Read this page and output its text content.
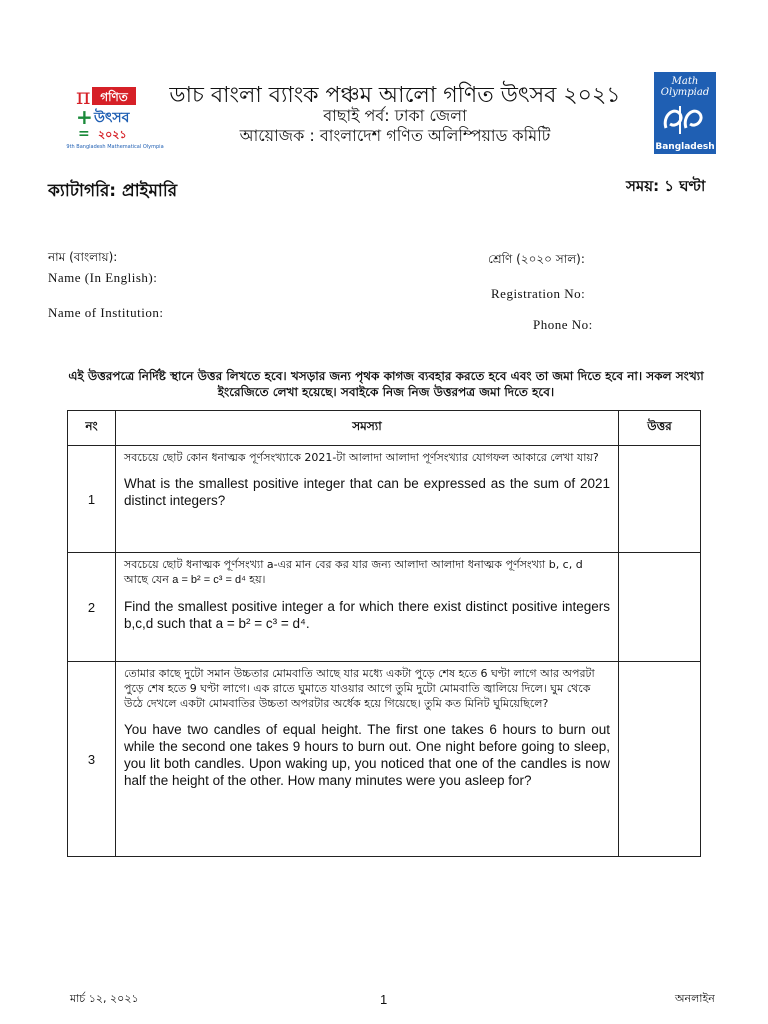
π গণিত
+ উৎসব
= ২০২১
19th Bangladesh Mathematical Olympiad
Math Olympiad
Bangladesh
ডাচ বাংলা ব্যাংক পঞ্চম আলো গণিত উৎসব ২০২১
বাছাই পর্ব: ঢাকা জেলা
আয়োজক : বাংলাদেশ গণিত অলিম্পিয়াড কমিটি
ক্যাটাগরি: প্রাইমারি	সময়: ১ ঘণ্টা
নাম (বাংলায়):	শ্রেণি (২০২০ সাল):
Name (In English):
Registration No:
Name of Institution:
Phone No:
এই উত্তরপত্রে নির্দিষ্ট স্থানে উত্তর লিখতে হবে। খসড়ার জন্য পৃথক কাগজ ব্যবহার করতে হবে এবং তা জমা দিতে হবে না। সকল সংখ্যা ইংরেজিতে লেখা হয়েছে। সবাইকে নিজ নিজ উত্তরপত্র জমা দিতে হবে।
নং	সমস্যা	উত্তর
1	সবচেয়ে ছোট কোন ধনাত্মক পূর্ণসংখ্যাকে 2021-টা আলাদা আলাদা পূর্ণসংখ্যার যোগফল আকারে লেখা যায়?

What is the smallest positive integer that can be expressed as the sum of 2021 distinct integers?	

2	সবচেয়ে ছোট ধনাত্মক পূর্ণসংখ্যা a-এর মান বের কর যার জন্য আলাদা আলাদা ধনাত্মক পূর্ণসংখ্যা b, c, d আছে যেন a = b² = c³ = d⁴ হয়।

Find the smallest positive integer a for which there exist distinct positive integers b,c,d such that a = b² = c³ = d⁴.	

3	তোমার কাছে দুটো সমান উচ্চতার মোমবাতি আছে যার মধ্যে একটা পুড়ে শেষ হতে 6 ঘণ্টা লাগে আর অপরটা পুড়ে শেষ হতে 9 ঘণ্টা লাগে। এক রাতে ঘুমাতে যাওয়ার আগে তুমি দুটো মোমবাতি জ্বালিয়ে দিলে। ঘুম থেকে উঠে দেখলে একটা মোমবাতির উচ্চতা অপরটার অর্ধেক হয়ে গিয়েছে। তুমি কত মিনিট ঘুমিয়েছিলে?

You have two candles of equal height. The first one takes 6 hours to burn out while the second one takes 9 hours to burn out. One night before going to sleep, you lit both candles. Upon waking up, you noticed that one of the candles is now half the height of the other. How many minutes were you asleep for?	

মার্চ ১২, ২০২১	1	অনলাইন
